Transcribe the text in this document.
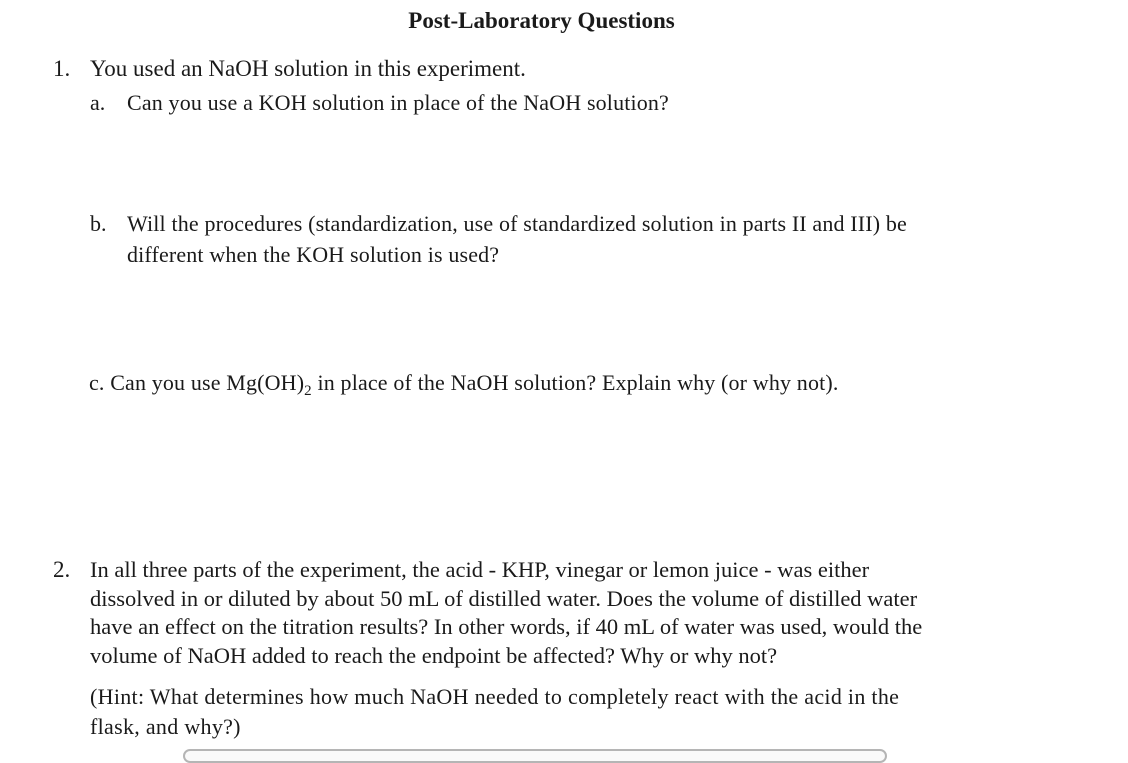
Post-Laboratory Questions
1. You used an NaOH solution in this experiment.
a. Can you use a KOH solution in place of the NaOH solution?
b. Will the procedures (standardization, use of standardized solution in parts II and III) be
different when the KOH solution is used?
c. Can you use $Mg(OH)_2$ in place of the NaOH solution? Explain why (or why not).
2. In all three parts of the experiment, the acid - KHP, vinegar or lemon juice - was either
dissolved in or diluted by about 50 mL of distilled water. Does the volume of distilled water
have an effect on the titration results? In other words, if 40 mL of water was used, would the
volume of NaOH added to reach the endpoint be affected? Why or why not?
(Hint: What determines how much NaOH needed to completely react with the acid in the
flask, and why?)
